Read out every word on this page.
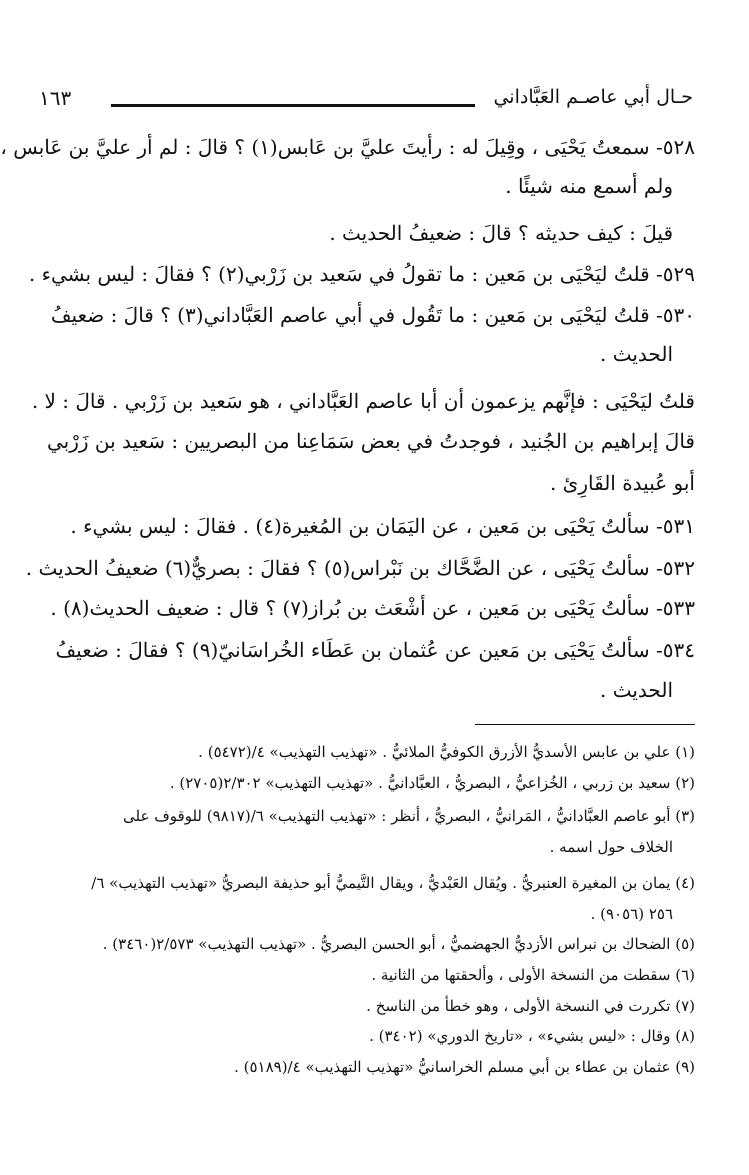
حـال أبي عاصـم العَبَّاداني
١٦٣
٥٢٨- سمعتُ يَحْيَى ، وقِيلَ له : رأيتَ عليَّ بن عَابس(١) ؟ قالَ : لم أر عليَّ بن عَابس ،
ولم أسمع منه شيئًا .
قيلَ : كيف حديثه ؟ قالَ : ضعيفُ الحديث .
٥٢٩- قلتُ ليَحْيَى بن مَعين : ما تقولُ في سَعيد بن زَرْبي(٢) ؟ فقالَ : ليس بشيء .
٥٣٠- قلتُ ليَحْيَى بن مَعين : ما تَقُول في أبي عاصم العَبَّاداني(٣) ؟ قالَ : ضعيفُ
الحديث .
قلتُ ليَحْيَى : فإنَّهم يزعمون أن أبا عاصم العَبَّاداني ، هو سَعيد بن زَرْبي . قالَ : لا .
قالَ إبراهيم بن الجُنيد ، فوجدتُ في بعض سَمَاعِنا من البصريين : سَعيد بن زَرْبي
أبو عُبيدة القَارِئ .
٥٣١- سألتُ يَحْيَى بن مَعين ، عن اليَمَان بن المُغيرة(٤) . فقالَ : ليس بشيء .
٥٣٢- سألتُ يَحْيَى ، عن الضَّحَّاك بن نَبْراس(٥) ؟ فقالَ : بصريٌّ(٦) ضعيفُ الحديث .
٥٣٣- سألتُ يَحْيَى بن مَعين ، عن أشْعَث بن بُراز(٧) ؟ قال : ضعيف الحديث(٨) .
٥٣٤- سألتُ يَحْيَى بن مَعين عن عُثمان بن عَطَاء الخُراسَانيّ(٩) ؟ فقالَ : ضعيفُ
الحديث .
(١) علي بن عابس الأسديُّ الأزرق الكوفيُّ الملائيُّ . «تهذيب التهذيب» ٤/(٥٤٧٢) .
(٢) سعيد بن زربي ، الخُزاعيُّ ، البصريُّ ، العبَّادانيُّ . «تهذيب التهذيب» ٢/٣٠٢(٢٧٠٥) .
(٣) أبو عاصم العبَّادانيُّ ، المَرانيُّ ، البصريُّ ، أنظر : «تهذيب التهذيب» ٦/(٩٨١٧) للوقوف على
الخلاف حول اسمه .
(٤) يمان بن المغيرة العنبريُّ . ويُقال العَبْديُّ ، ويقال التَّيميُّ أبو حذيفة البصريُّ «تهذيب التهذيب» ٦/
٢٥٦ (٩٠٥٦) .
(٥) الضحاك بن نبراس الأزديُّ الجهضميُّ ، أبو الحسن البصريُّ . «تهذيب التهذيب» ٢/٥٧٣(٣٤٦٠) .
(٦) سقطت من النسخة الأولى ، وألحقتها من الثانية .
(٧) تكررت في النسخة الأولى ، وهو خطأ من الناسخ .
(٨) وقال : «ليس بشيء» ، «تاريخ الدوري» (٣٤٠٢) .
(٩) عثمان بن عطاء بن أبي مسلم الخراسانيُّ «تهذيب التهذيب» ٤/(٥١٨٩) .
